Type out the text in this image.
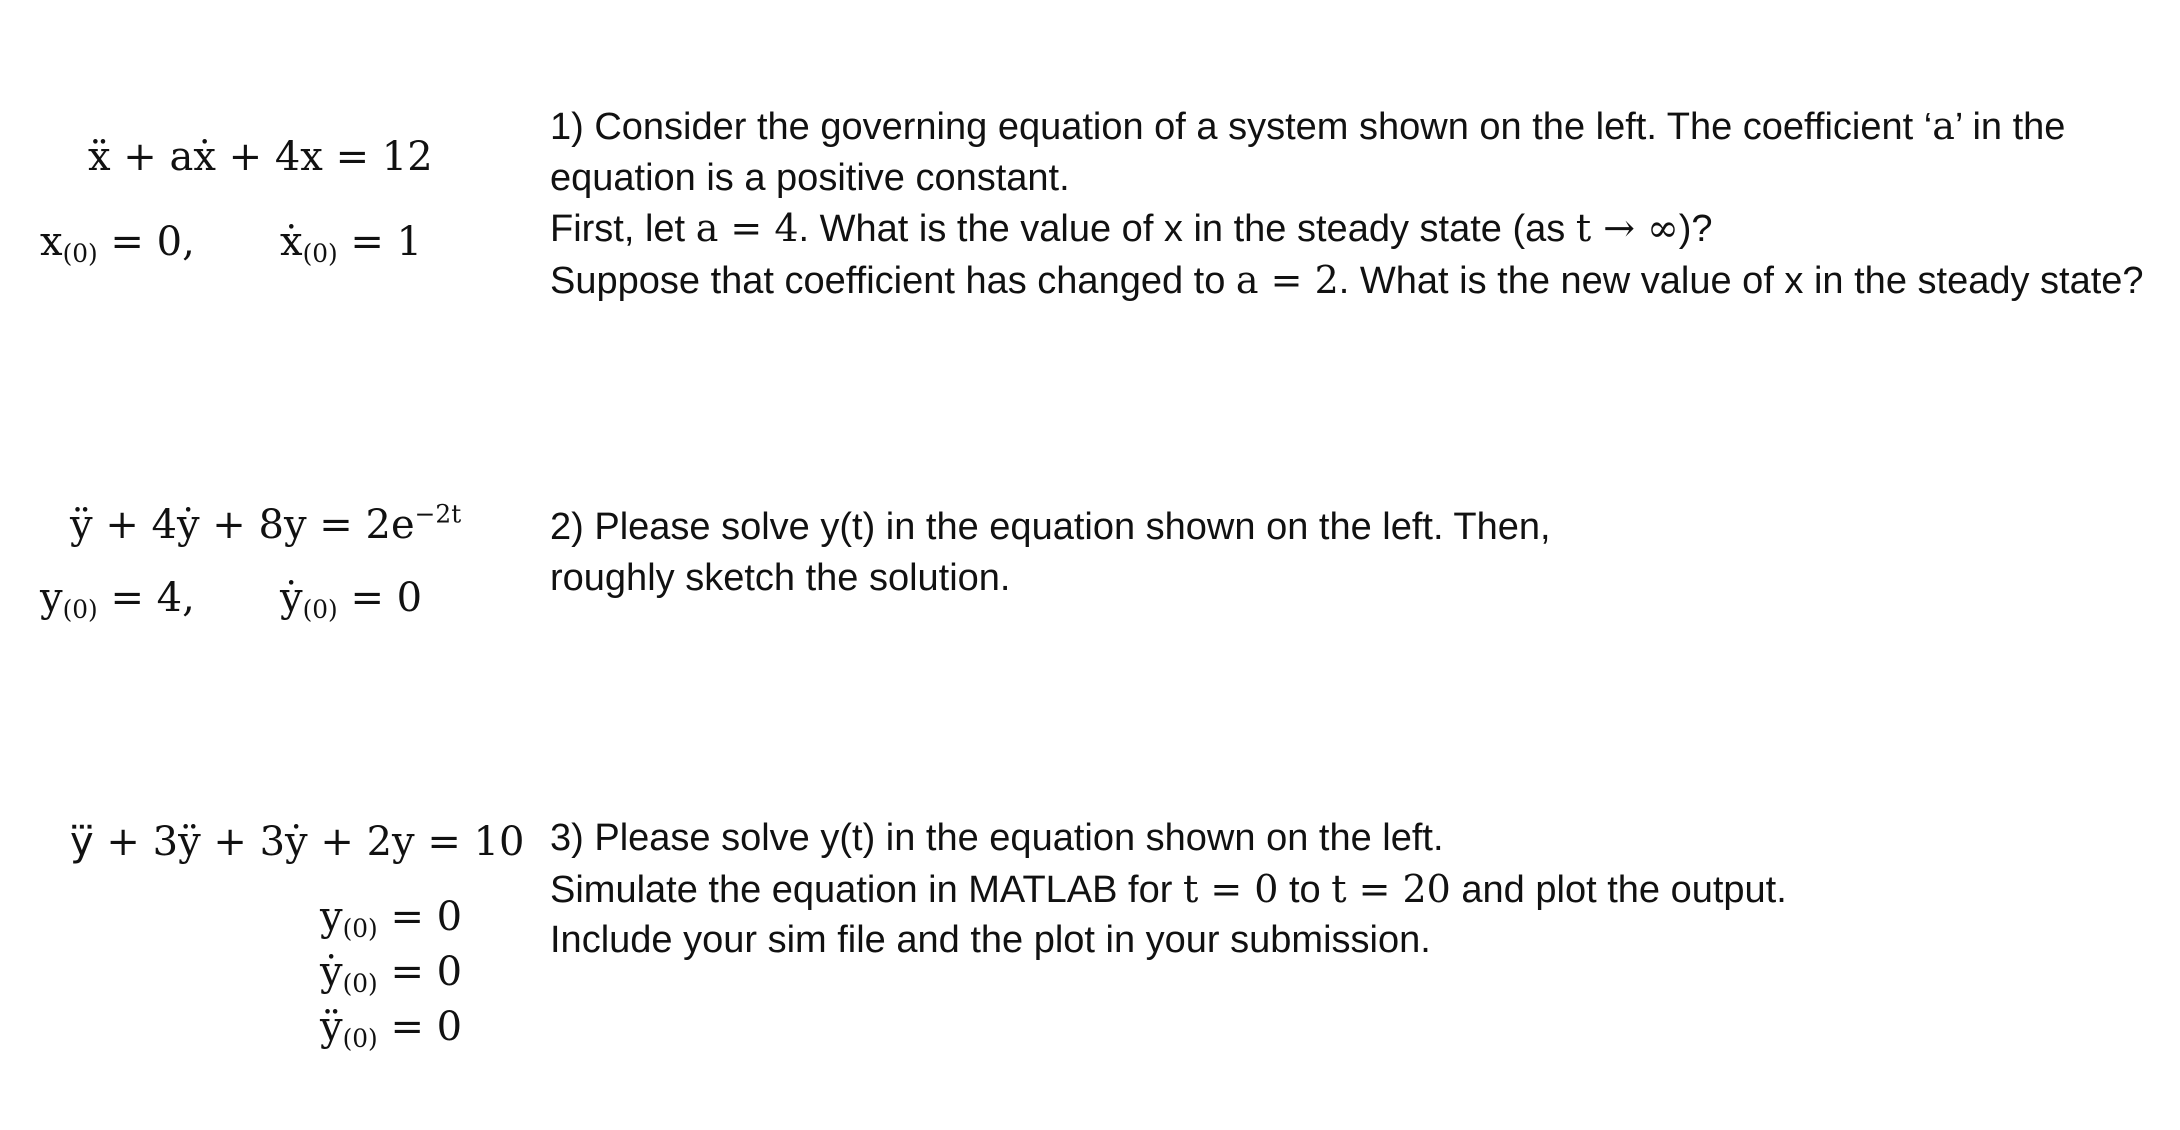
ẍ + aẋ + 4x = 12
$x_{(0)} = 0$, ẋ$_{(0)}$ = 1
1) Consider the governing equation of a system shown on the left. The coefficient ‘a’ in the
equation is a positive constant.
First, let a = 4. What is the value of x in the steady state (as t → ∞)?
Suppose that coefficient has changed to a = 2. What is the new value of x in the steady state?
ÿ + 4ẏ + $8y = 2e^{-2t}$
$y_{(0)} = 4$, ẏ$_{(0)}$ = 0
2) Please solve y(t) in the equation shown on the left. Then,
roughly sketch the solution.
y⃛ + 3ÿ + 3ẏ + 2y = 10
$y_{(0)} = 0$
ẏ$_{(0)}$ = 0
$ÿ_{(0)} = 0$
3) Please solve y(t) in the equation shown on the left.
Simulate the equation in MATLAB for t = 0 to t = 20 and plot the output.
Include your sim file and the plot in your submission.
